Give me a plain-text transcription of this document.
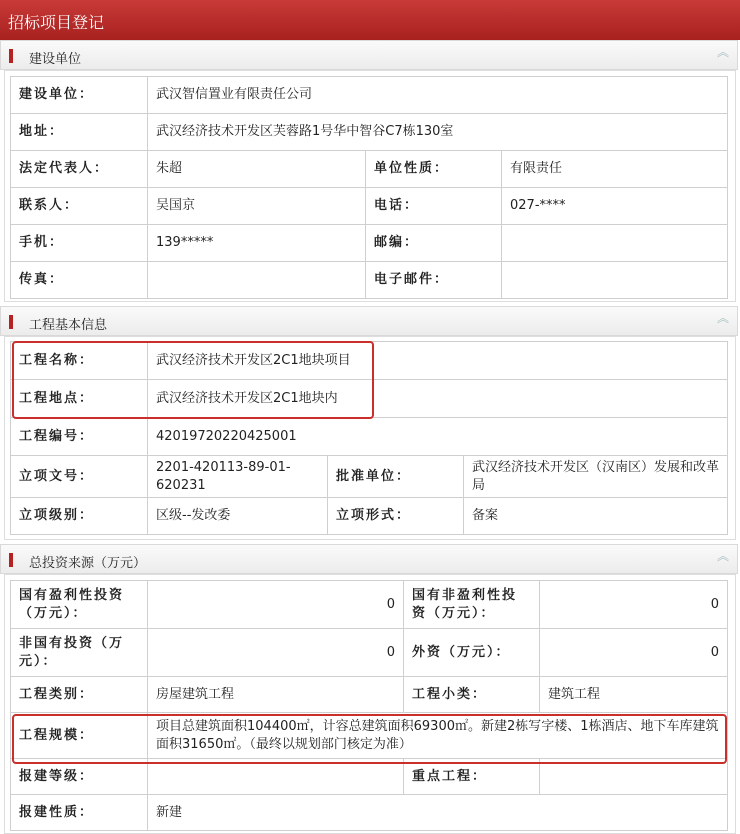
招标项目登记
建设单位	︽
建设单位：	武汉智信置业有限责任公司		
地址：	武汉经济技术开发区芙蓉路1号华中智谷C7栋130室		
法定代表人：	朱超	单位性质：	有限责任
联系人：	吴国京	电话：	027-****
手机：	139*****	邮编：	
传真：		电子邮件：	
工程基本信息	︽
工程名称：	武汉经济技术开发区2C1地块项目		
工程地点：	武汉经济技术开发区2C1地块内		
工程编号：	42019720220425001		
立项文号：	2201-420113-89-01-620231	批准单位：	武汉经济技术开发区（汉南区）发展和改革局
立项级别：	区级--发改委	立项形式：	备案
总投资来源（万元）	︽
国有盈利性投资（万元）：	0	国有非盈利性投资（万元）：	0
非国有投资（万元）：	0	外资（万元）：	0
工程类别：	房屋建筑工程	工程小类：	建筑工程
工程规模：	项目总建筑面积104400㎡，计容总建筑面积69300㎡。新建2栋写字楼、1栋酒店、地下车库建筑面积31650㎡。（最终以规划部门核定为准）		
报建等级：		重点工程：	
报建性质：	新建		
